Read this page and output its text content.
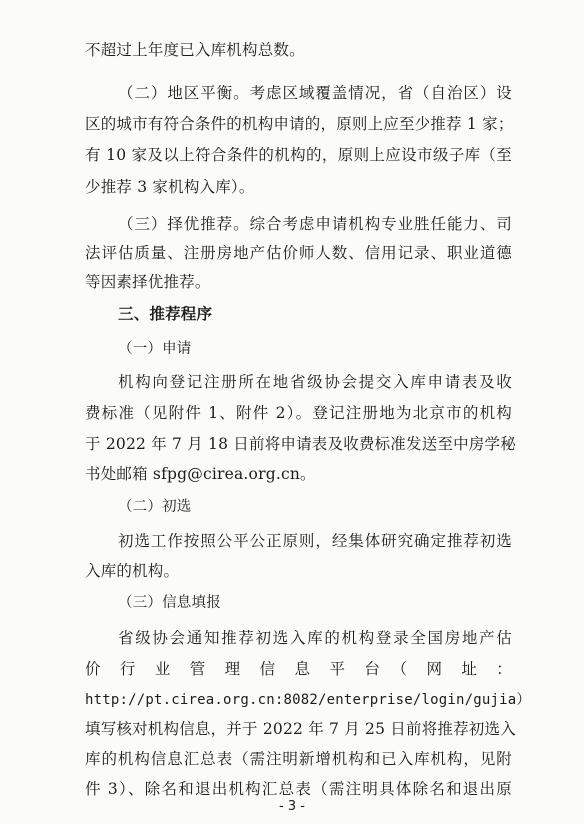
不超过上年度已入库机构总数。
（二）地区平衡。考虑区域覆盖情况，省（自治区）设
区的城市有符合条件的机构申请的，原则上应至少推荐 1 家；
有 10 家及以上符合条件的机构的，原则上应设市级子库（至
少推荐 3 家机构入库）。
（三）择优推荐。综合考虑申请机构专业胜任能力、司
法评估质量、注册房地产估价师人数、信用记录、职业道德
等因素择优推荐。
三、推荐程序
（一）申请
机构向登记注册所在地省级协会提交入库申请表及收
费标准（见附件 1、附件 2）。登记注册地为北京市的机构
于 2022 年 7 月 18 日前将申请表及收费标准发送至中房学秘
书处邮箱 sfpg@cirea.org.cn。
（二）初选
初选工作按照公平公正原则，经集体研究确定推荐初选
入库的机构。
（三）信息填报
省级协会通知推荐初选入库的机构登录全国房地产估
价　行　业　管　理　信　息　平　台　（　网　址　：
http://pt.cirea.org.cn:8082/enterprise/login/gujia）
填写核对机构信息，并于 2022 年 7 月 25 日前将推荐初选入
库的机构信息汇总表（需注明新增机构和已入库机构，见附
件 3）、除名和退出机构汇总表（需注明具体除名和退出原
- 3 -
